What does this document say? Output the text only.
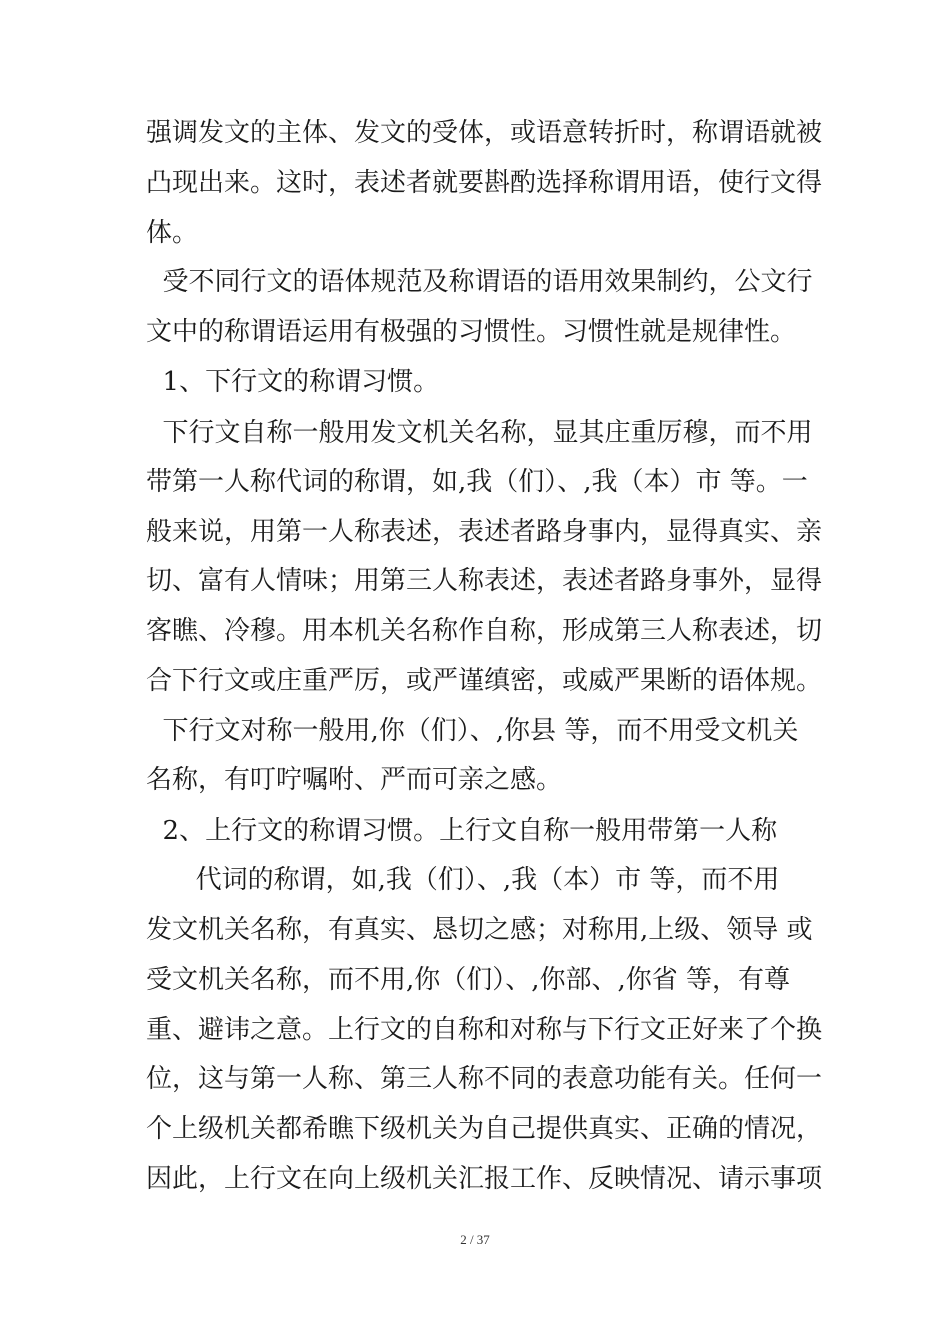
强调发文的主体、发文的受体，或语意转折时，称谓语就被
凸现出来。这时，表述者就要斟酌选择称谓用语，使行文得
体。
受不同行文的语体规范及称谓语的语用效果制约，公文行
文中的称谓语运用有极强的习惯性。习惯性就是规律性。
1、下行文的称谓习惯。
下行文自称一般用发文机关名称，显其庄重厉穆，而不用
带第一人称代词的称谓，如,我（们）、,我（本）市 等。一
般来说，用第一人称表述，表述者路身事内，显得真实、亲
切、富有人情味；用第三人称表述，表述者路身事外，显得
客瞧、冷穆。用本机关名称作自称，形成第三人称表述，切
合下行文或庄重严厉，或严谨缜密，或威严果断的语体规。
下行文对称一般用,你（们）、,你县 等，而不用受文机关
名称，有叮咛嘱咐、严而可亲之感。
2、上行文的称谓习惯。上行文自称一般用带第一人称
代词的称谓，如,我（们）、,我（本）市 等，而不用
发文机关名称，有真实、恳切之感；对称用,上级、领导 或
受文机关名称，而不用,你（们）、,你部、,你省 等，有尊
重、避讳之意。上行文的自称和对称与下行文正好来了个换
位，这与第一人称、第三人称不同的表意功能有关。任何一
个上级机关都希瞧下级机关为自己提供真实、正确的情况，
因此，上行文在向上级机关汇报工作、反映情况、请示事项
2 / 37
